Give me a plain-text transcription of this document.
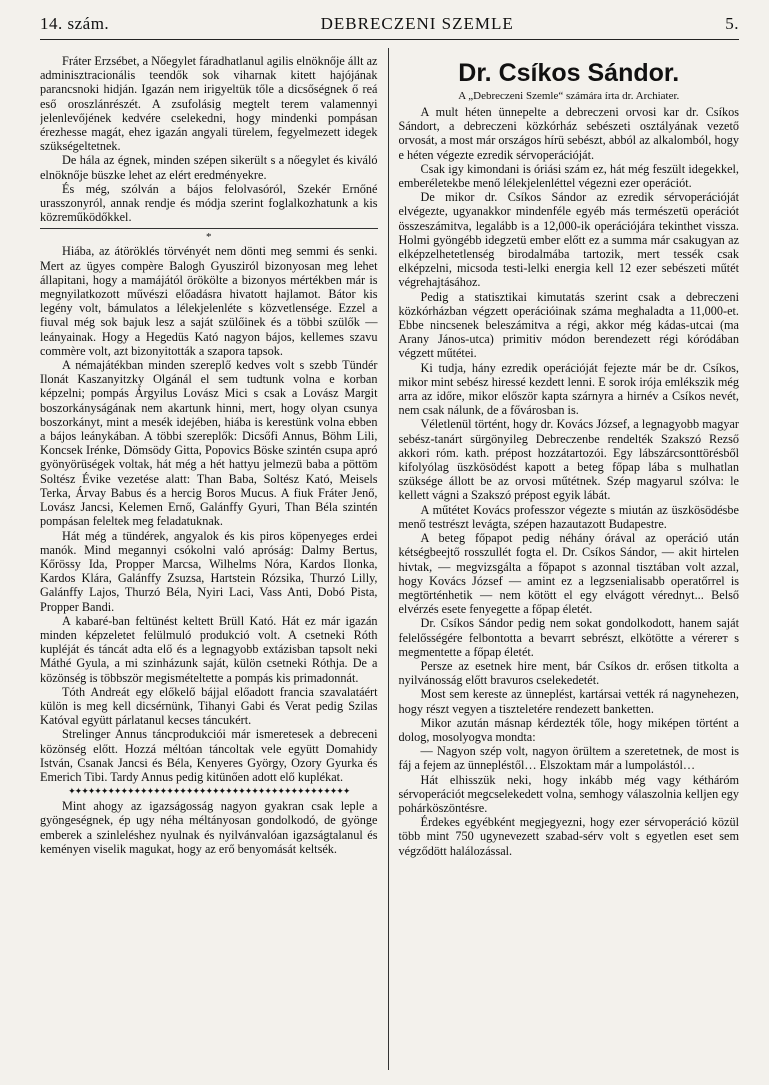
14. szám.	DEBRECZENI SZEMLE	5.

Fráter Erzsébet, a Nőegylet fáradhatlanul agilis elnöknője állt az adminisztracionális teendők sok viharnak kitett hajójának parancsnoki hidján. Igazán nem irigyeltük tőle a dicsőségnek ő reá eső oroszlánrészét. A zsufolásig megtelt terem valamennyi jelenlevőjének kedvére cselekedni, hogy mindenki pompásan érezhesse magát, ehez igazán angyali türelem, fegyelmezett idegek szükségeltetnek.

De hála az égnek, minden szépen sikerült s a nőegylet és kiváló elnöknője büszke lehet az elért eredményekre.

És még, szólván a bájos felolvasóról, Szekér Ernőné urasszonyról, annak rendje és módja szerint foglalkozhatunk a kis közreműködőkkel.

*

Hiába, az átöröklés törvényét nem dönti meg semmi és senki. Mert az ügyes compère Balogh Gyusziról bizonyosan meg lehet állapitani, hogy a mamájától örökölte a bizonyos mértékben már is megnyilatkozott művészi előadásra hivatott hajlamot. Bátor kis legény volt, bámulatos a lélekjelenléte s közvetlensége. Ezzel a fiuval még sok bajuk lesz a saját szülőinek és a többi szülők — leányainak. Hogy a Hegedüs Kató nagyon bájos, kellemes szavu commère volt, azt bizonyitották a szapora tapsok.

A némajátékban minden szereplő kedves volt s szebb Tündér Ilonát Kaszanyitzky Olgánál el sem tudtunk volna e korban képzelni; pompás Árgyilus Lovász Mici s csak a Lovász Margit boszorkányságának nem akartunk hinni, mert, hogy olyan csunya boszorkányt, mint a mesék idejében, hiába is kerestünk volna ebben a bájos leánykában. A többi szereplők: Dicsőfi Annus, Böhm Lili, Koncsek Irénke, Dömsödy Gitta, Popovics Böske szintén csupa apró gyönyörüségek voltak, hát még a hét hattyu jelmezü baba a pöttöm Soltész Évike vezetése alatt: Than Baba, Soltész Kató, Meisels Terka, Árvay Babus és a hercig Boros Mucus. A fiuk Fráter Jenő, Lovász Jancsi, Kelemen Ernő, Galánffy Gyuri, Than Béla szintén pompásan feleltek meg feladatuknak.

Hát még a tündérek, angyalok és kis piros köpenyeges erdei manók. Mind megannyi csókolni való apróság: Dalmy Bertus, Kőrössy Ida, Propper Marcsa, Wilhelms Nóra, Kardos Ilonka, Kardos Klára, Galánffy Zsuzsa, Hartstein Rózsika, Thurzó Lilly, Galánffy Lajos, Thurzó Béla, Nyiri Laci, Vass Anti, Dobó Pista, Propper Bandi.

A kabaré-ban feltünést keltett Brüll Kató. Hát ez már igazán minden képzeletet felülmuló produkció volt. A csetneki Róth kupléját és táncát adta elő és a legnagyobb extázisban tapsolt neki Máthé Gyula, a mi szinházunk saját, külön csetneki Róthja. De a közönség is többször megismételtette a pompás kis primadonnát.

Tóth Andreát egy előkelő bájjal előadott francia szavalatáért külön is meg kell dicsérnünk, Tihanyi Gabi és Verat pedig Szilas Katóval együtt párlatanul kecses táncukért.

Strelinger Annus táncprodukciói már ismeretesek a debreceni közönség előtt. Hozzá méltóan táncoltak vele együtt Domahidy István, Csanak Jancsi és Béla, Kenyeres György, Ozory Gyurka és Emerich Tibi. Tardy Annus pedig kitünően adott elő kuplékat.

✦✦✦✦✦✦✦✦✦✦✦✦✦✦✦✦✦✦✦✦✦✦✦✦✦✦✦✦✦✦✦✦✦✦✦✦✦✦✦✦✦✦✦

Mint ahogy az igazságosság nagyon gyakran csak leple a gyöngeségnek, ép ugy néha méltányosan gondolkodó, de gyönge emberek a szinleléshez nyulnak és nyilvánvalóan igazságtalanul és keményen viselik magukat, hogy az erő benyomását keltsék.

Dr. Csíkos Sándor.
A „Debreczeni Szemle“ számára írta dr. Archiater.

A mult héten ünnepelte a debreczeni orvosi kar dr. Csíkos Sándort, a debreczeni közkórház sebészeti osztályának vezető orvosát, a most már országos hírü sebészt, abból az alkalomból, hogy e héten végezte ezredik sérvoperációját.

Csak igy kimondani is óriási szám ez, hát még feszült idegekkel, emberéletekbe menő lélekjelenléttel végezni ezer operációt.

De mikor dr. Csíkos Sándor az ezredik sérvoperációját elvégezte, ugyanakkor mindenféle egyéb más természetü operációt összeszámitva, legalább is a 12,000-ik operációjára tekinthet vissza. Holmi gyöngébb idegzetü ember előtt ez a summa már csakugyan az elképzelhetetlenség birodalmába tartozik, mert tessék csak elképzelni, micsoda testi-lelki energia kell 12 ezer sebészeti műtét végrehajtásához.

Pedig a statisztikai kimutatás szerint csak a debreczeni közkórházban végzett operációinak száma meghaladta a 11,000-et. Ebbe nincsenek beleszámitva a régi, akkor még kádas-utcai (ma Arany János-utca) primitiv módon berendezett régi kóródában végzett műtétei.

Ki tudja, hány ezredik operációját fejezte már be dr. Csíkos, mikor mint sebész hiressé kezdett lenni. E sorok irója emlékszik még arra az időre, mikor először kapta szárnyra a hirnév a Csíkos nevét, nem csak nálunk, de a fővárosban is.

Véletlenül történt, hogy dr. Kovács József, a legnagyobb magyar sebész-tanárt sürgönyileg Debreczenbe rendelték Szakszó Rezső akkori róm. kath. prépost hozzátartozói. Egy lábszárcsonttörésből kifolyólag üszkösödést kapott a beteg főpap lába s mulhatlan szüksége állott be az orvosi műtétnek. Szép magyarul szólva: le kellett vágni a Szakszó prépost egyik lábát.

A műtétet Kovács professzor végezte s miután az üszkösödésbe menő testrészt levágta, szépen hazautazott Budapestre.

A beteg főpapot pedig néhány órával az operáció után kétségbeejtő rosszullét fogta el. Dr. Csíkos Sándor, — akit hirtelen hivtak, — megvizsgálta a főpapot s azonnal tisztában volt azzal, hogy Kovács József — amint ez a legzsenialisabb operatőrrel is megtörténhetik — nem kötött el egy elvágott vérednyt... Belső elvérzés esete fenyegette a főpap életét.

Dr. Csíkos Sándor pedig nem sokat gondolkodott, hanem saját felelősségére felbontotta a bevarrt sebrészt, elkötötte a vérereт s megmentette a főpap életét.

Persze az esetnek hire ment, bár Csíkos dr. erősen titkolta a nyilvánosság előtt bravuros cselekedetét.

Most sem kereste az ünneplést, kartársai vették rá nagynehezen, hogy részt vegyen a tiszteletére rendezett banketten.

Mikor azután másnap kérdezték tőle, hogy miképen történt a dolog, mosolyogva mondta:

— Nagyon szép volt, nagyon örültem a szeretetnek, de most is fáj a fejem az ünnepléstől… Elszoktam már a lumpolástól…

Hát elhisszük neki, hogy inkább még vagy kétháróm sérvoperációt megcselekedett volna, semhogy válaszolnia kelljen egy pohárköszöntésre.

Érdekes egyébként megjegyezni, hogy ezer sérvoperáció közül több mint 750 ugynevezett szabad-sérv volt s egyetlen eset sem végződött halálozással.
